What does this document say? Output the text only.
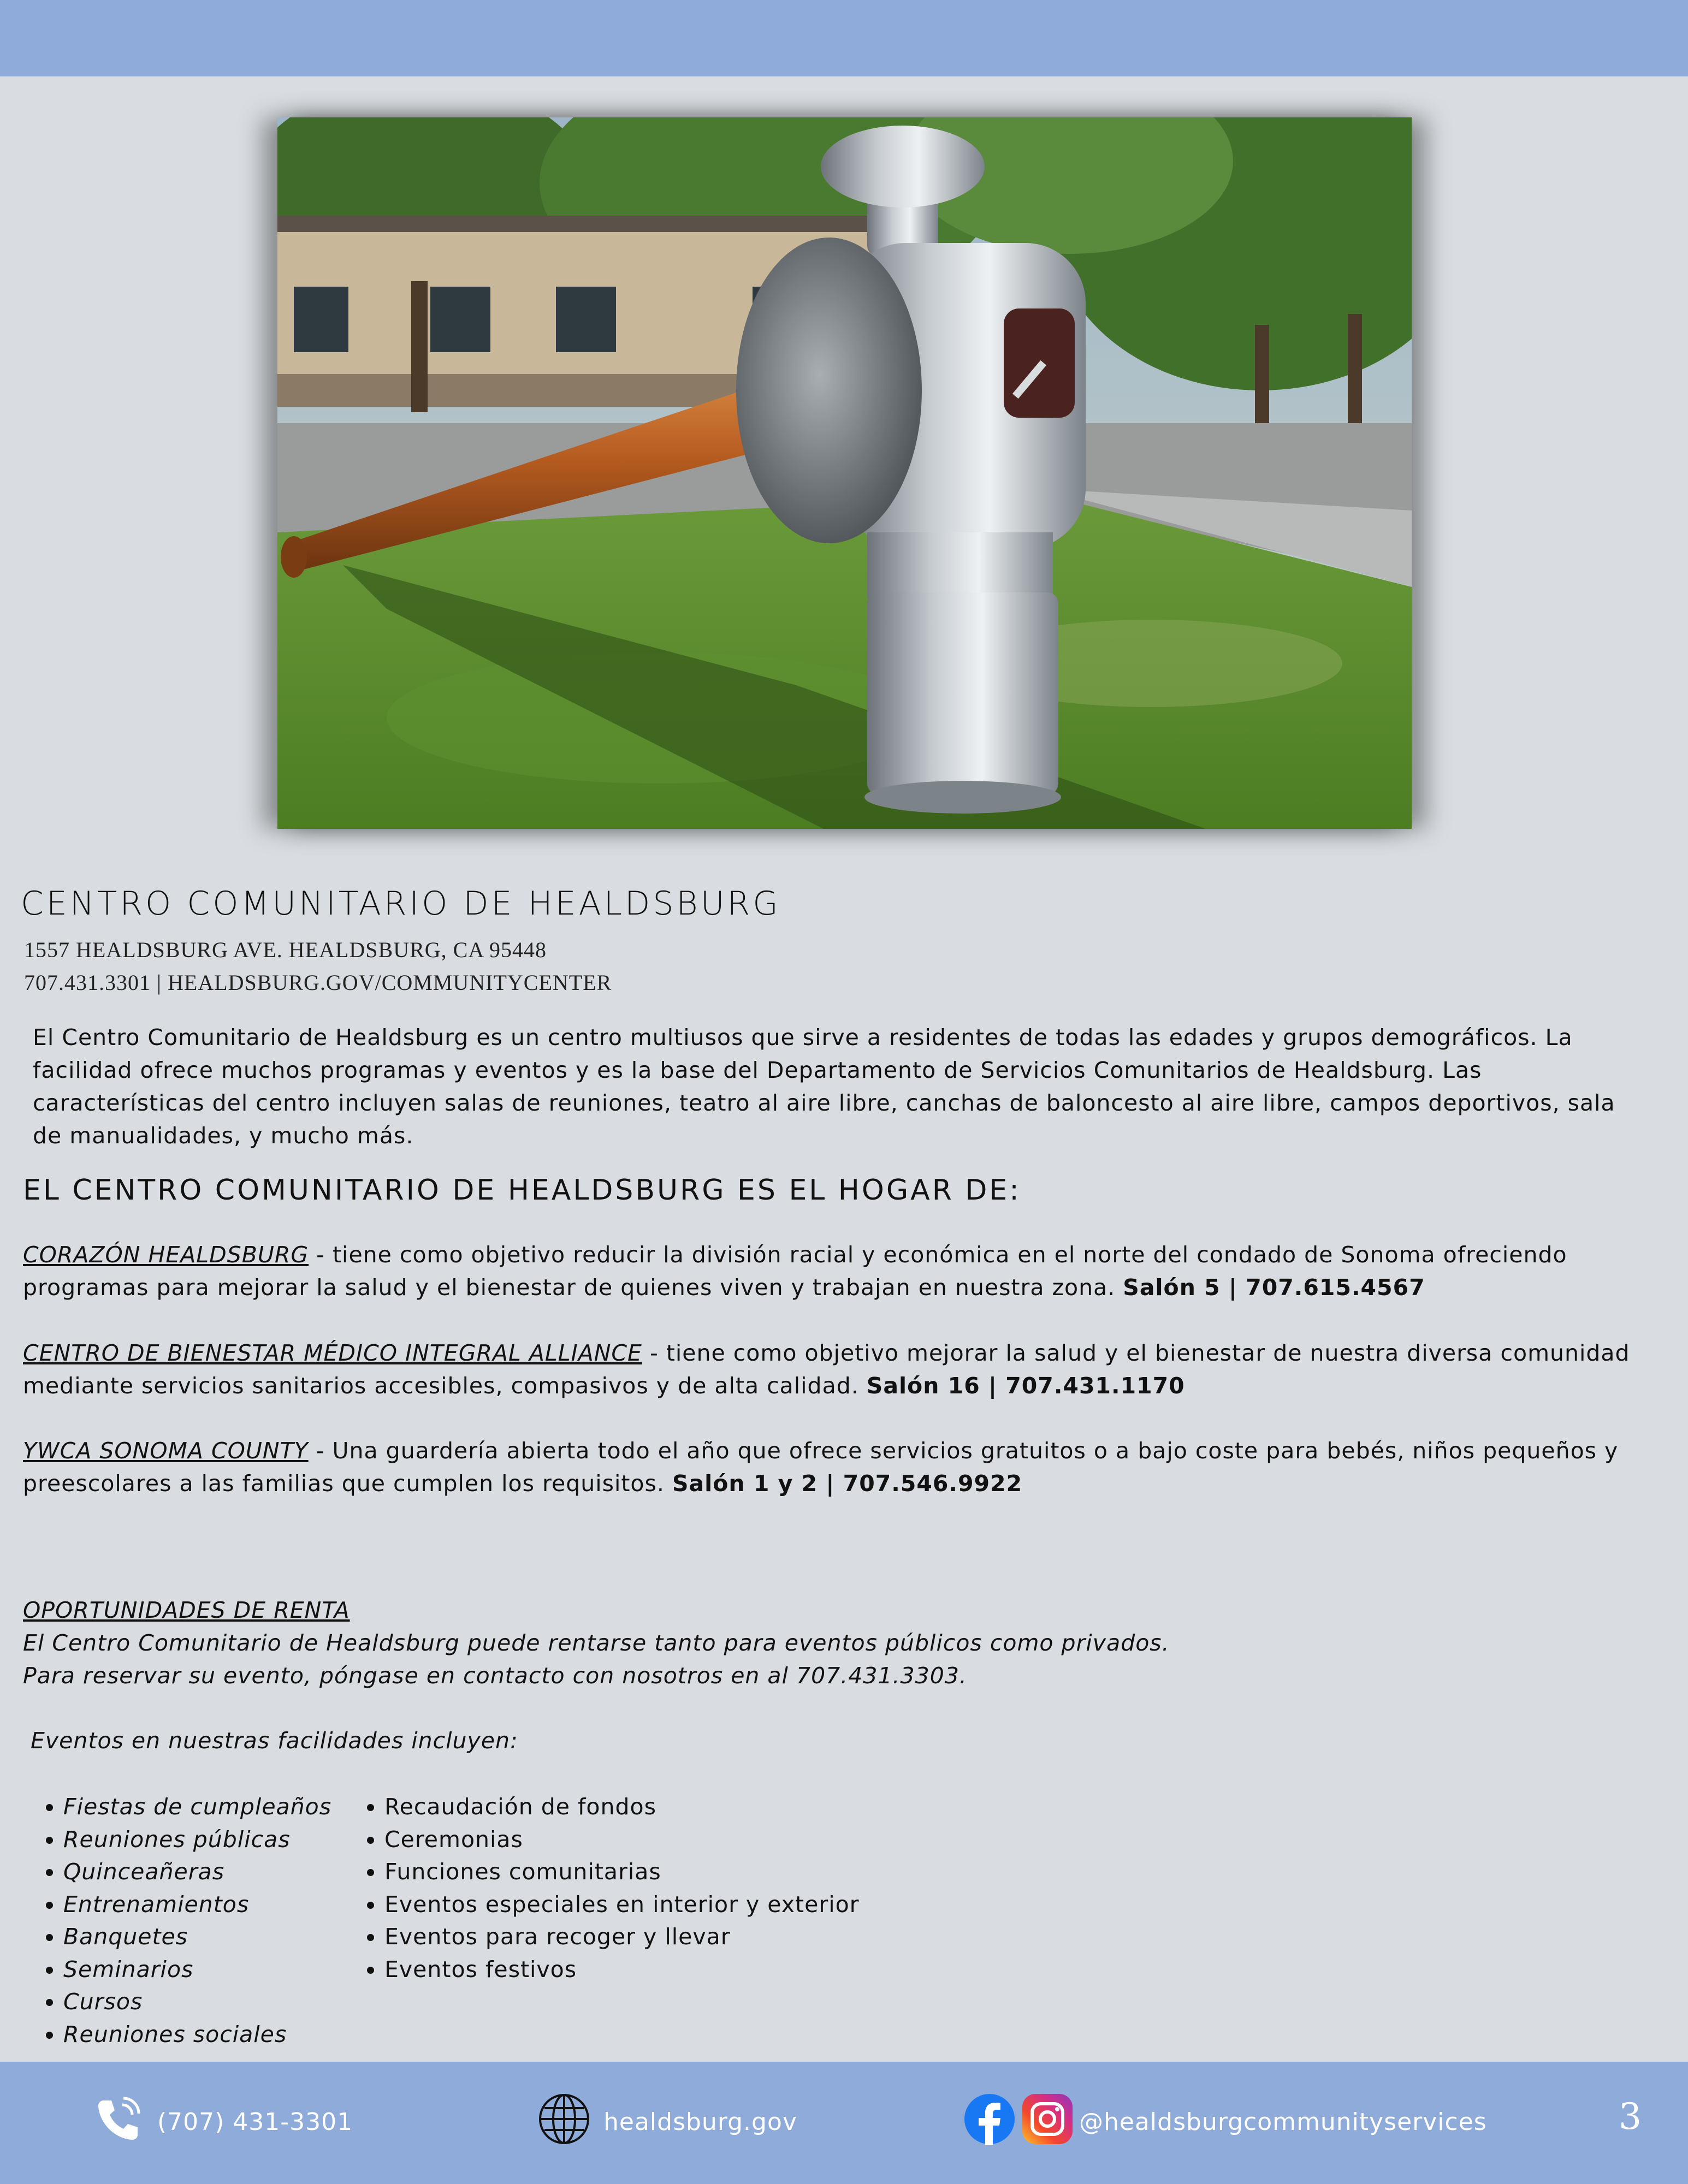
CENTRO COMUNITARIO DE HEALDSBURG
1557 HEALDSBURG AVE. HEALDSBURG, CA 95448
707.431.3301 | HEALDSBURG.GOV/COMMUNITYCENTER
El Centro Comunitario de Healdsburg es un centro multiusos que sirve a residentes de todas las edades y grupos demográficos. La facilidad ofrece muchos programas y eventos y es la base del Departamento de Servicios Comunitarios de Healdsburg. Las características del centro incluyen salas de reuniones, teatro al aire libre, canchas de baloncesto al aire libre, campos deportivos, sala de manualidades, y mucho más.
EL CENTRO COMUNITARIO DE HEALDSBURG ES EL HOGAR DE:
CORAZÓN HEALDSBURG - tiene como objetivo reducir la división racial y económica en el norte del condado de Sonoma ofreciendo programas para mejorar la salud y el bienestar de quienes viven y trabajan en nuestra zona. Salón 5 | 707.615.4567
CENTRO DE BIENESTAR MÉDICO INTEGRAL ALLIANCE - tiene como objetivo mejorar la salud y el bienestar de nuestra diversa comunidad mediante servicios sanitarios accesibles, compasivos y de alta calidad. Salón 16 | 707.431.1170
YWCA SONOMA COUNTY - Una guardería abierta todo el año que ofrece servicios gratuitos o a bajo coste para bebés, niños pequeños y preescolares a las familias que cumplen los requisitos. Salón 1 y 2 | 707.546.9922
OPORTUNIDADES DE RENTA
El Centro Comunitario de Healdsburg puede rentarse tanto para eventos públicos como privados.
Para reservar su evento, póngase en contacto con nosotros en al 707.431.3303.
Eventos en nuestras facilidades incluyen:
• Fiestas de cumpleaños
• Reuniones públicas
• Quinceañeras
• Entrenamientos
• Banquetes
• Seminarios
• Cursos
• Reuniones sociales
• Recaudación de fondos
• Ceremonias
• Funciones comunitarias
• Eventos especiales en interior y exterior
• Eventos para recoger y llevar
• Eventos festivos
(707) 431-3301	healdsburg.gov	@healdsburgcommunityservices	3
